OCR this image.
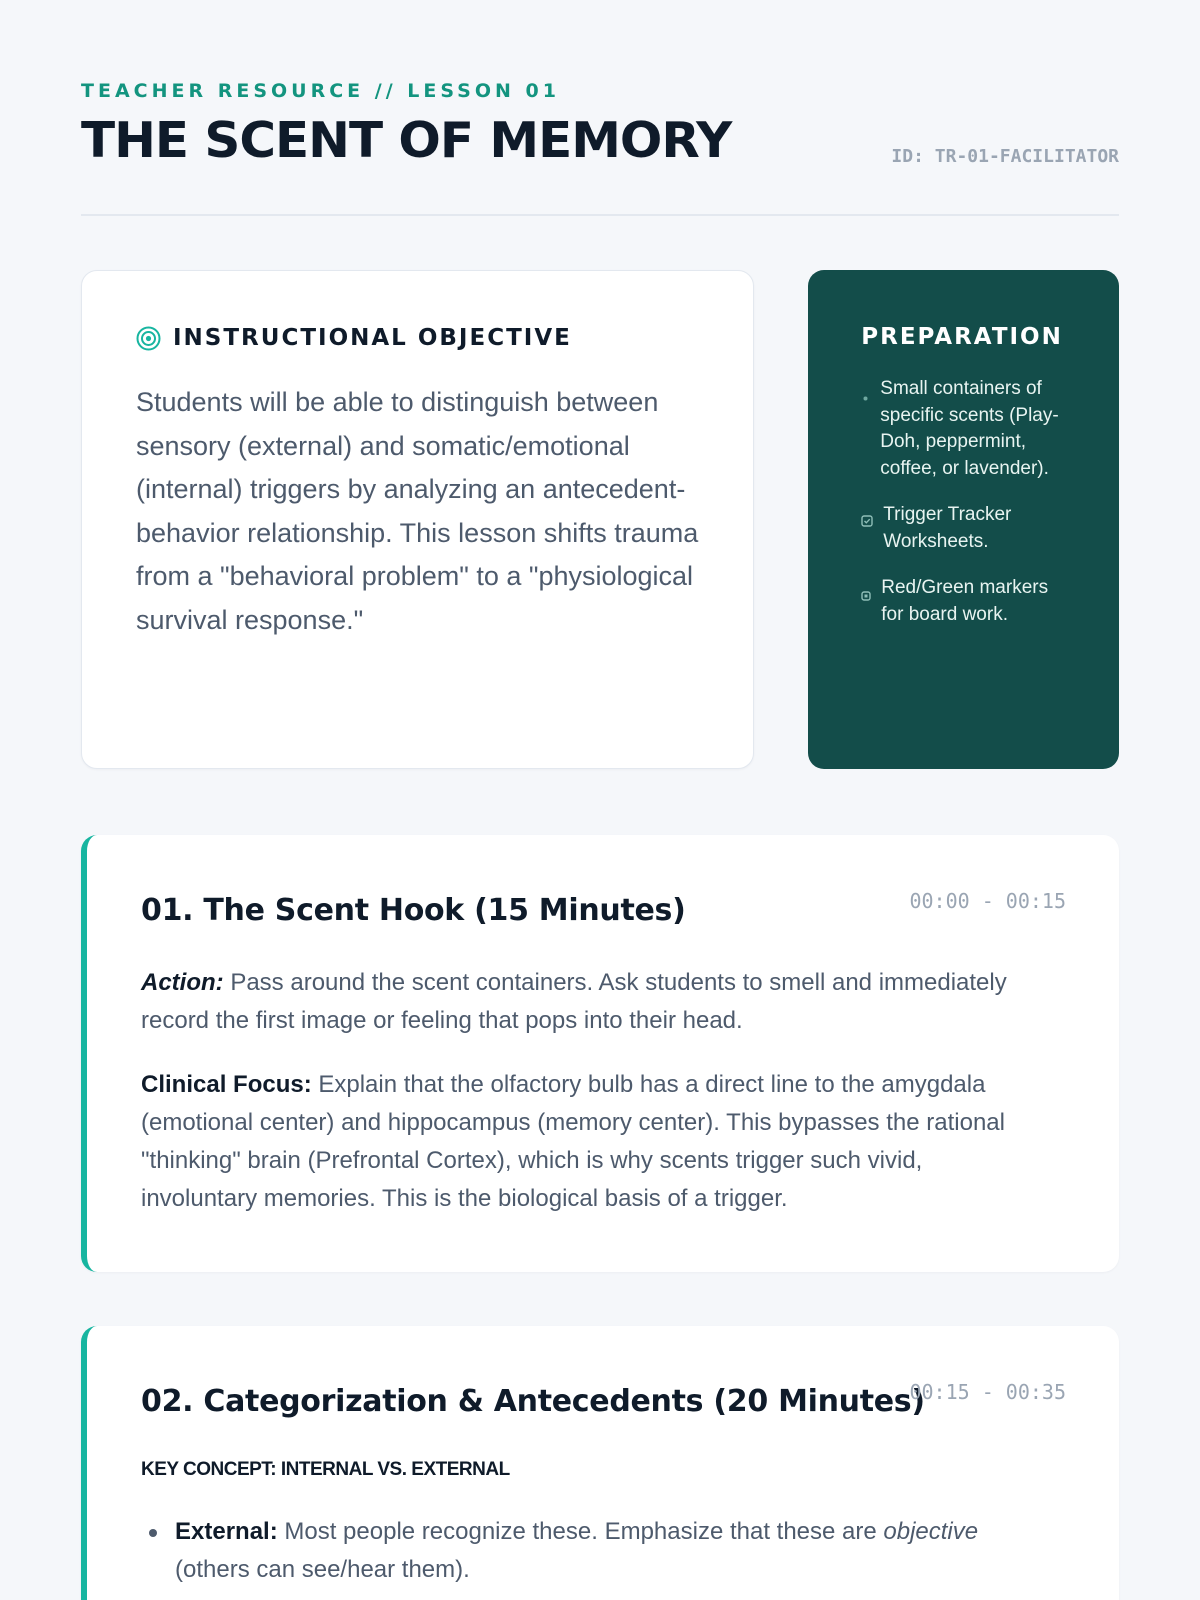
TEACHER RESOURCE // LESSON 01
THE SCENT OF MEMORY	ID: TR-01-FACILITATOR
INSTRUCTIONAL OBJECTIVE

Students will be able to distinguish between sensory (external) and somatic/emotional (internal) triggers by analyzing an antecedent-behavior relationship. This lesson shifts trauma from a "behavioral problem" to a "physiological survival response."

PREPARATION
Small containers of specific scents (Play-Doh, peppermint, coffee, or lavender).
Trigger Tracker Worksheets.
Red/Green markers for board work.
01. The Scent Hook (15 Minutes)	00:00 - 00:15

Action: Pass around the scent containers. Ask students to smell and immediately record the first image or feeling that pops into their head.

Clinical Focus: Explain that the olfactory bulb has a direct line to the amygdala (emotional center) and hippocampus (memory center). This bypasses the rational "thinking" brain (Prefrontal Cortex), which is why scents trigger such vivid, involuntary memories. This is the biological basis of a trigger.

02. Categorization & Antecedents (20 Minutes)
00:15 - 00:35
KEY CONCEPT: INTERNAL VS. EXTERNAL
External: Most people recognize these. Emphasize that these are objective (others can see/hear them).
